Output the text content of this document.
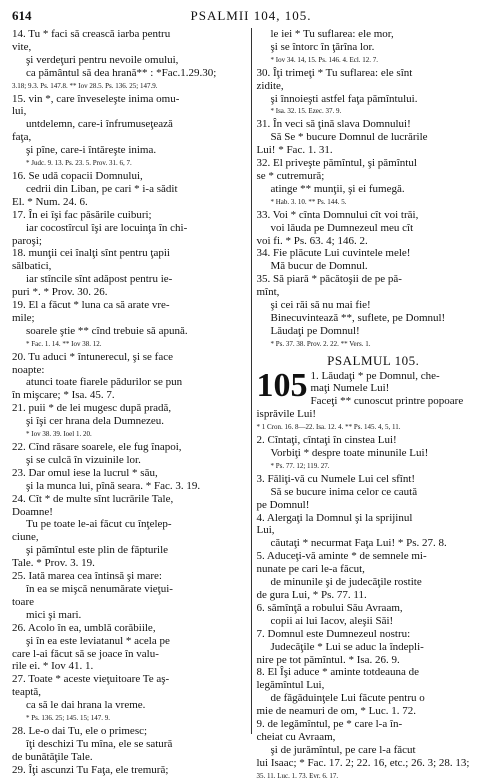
614	PSALMII 104, 105.
14. Tu * faci să crească iarba pentru
vite,
şi verdeţuri pentru nevoile omului,
ca pământul să dea hrană** : *Fac.1.29.30;
3.18; 9.3. Ps. 147.8. ** Iov 28.5. Ps. 136. 25; 147.9.
15. vin *, care înveseleşte inima omu-
lui,
untdelemn, care-i înfrumuseţează
faţa,
şi pîne, care-i întăreşte inima.
* Judc. 9. 13. Ps. 23. 5. Prov. 31. 6, 7.
16. Se udă copacii Domnului,
cedrii din Liban, pe cari * i-a sădit
El. * Num. 24. 6.
17. În ei îşi fac păsările cuiburi;
iar cocostîrcul îşi are locuinţa în chi-
paroşi;
18. munţii cei înalţi sînt pentru ţapii
sălbatici,
iar stîncile sînt adăpost pentru ie-
puri *. * Prov. 30. 26.
19. El a făcut * luna ca să arate vre-
mile;
soarele ştie ** cînd trebuie să apună.
* Fac. 1. 14. ** Iov 38. 12.
20. Tu aduci * întunerecul, şi se face
noapte:
atunci toate fiarele pădurilor se pun
în mişcare; * Isa. 45. 7.
21. puii * de lei mugesc după pradă,
şi îşi cer hrana dela Dumnezeu.
* Iov 38. 39. Ioel 1. 20.
22. Cînd răsare soarele, ele fug înapoi,
şi se culcă în vizuinile lor.
23. Dar omul iese la lucrul * său,
şi la munca lui, pînă seara. * Fac. 3. 19.
24. Cît * de multe sînt lucrările Tale,
Doamne!
Tu pe toate le-ai făcut cu înţelep-
ciune,
şi pămîntul este plin de făpturile
Tale. * Prov. 3. 19.
25. Iată marea cea întinsă şi mare:
în ea se mişcă nenumărate vieţui-
toare
mici şi mari.
26. Acolo în ea, umblă corăbiile,
şi în ea este leviatanul * acela pe
care l-ai făcut să se joace în valu-
rile ei. * Iov 41. 1.
27. Toate * aceste vieţuitoare Te aş-
teaptă,
ca să le dai hrana la vreme.
* Ps. 136. 25; 145. 15; 147. 9.
28. Le-o dai Tu, ele o primesc;
îţi deschizi Tu mîna, ele se satură
de bunătăţile Tale.
29. Îţi ascunzi Tu Faţa, ele tremură;
le iei * Tu suflarea: ele mor,
şi se întorc în ţărîna lor.
* Iov 34. 14, 15. Ps. 146. 4. Ecl. 12. 7.
30. Îţi trimeţi * Tu suflarea: ele sînt
zidite,
şi înnoieşti astfel faţa pămîntului.
* Isa. 32. 15. Ezec. 37. 9.
31. În veci să ţină slava Domnului!
Să Se * bucure Domnul de lucrările
Lui! * Fac. 1. 31.
32. El priveşte pămîntul, şi pămîntul
se * cutremură;
atinge ** munţii, şi ei fumegă.
* Hab. 3. 10. ** Ps. 144. 5.
33. Voi * cînta Domnului cît voi trăi,
voi lăuda pe Dumnezeul meu cît
voi fi. * Ps. 63. 4; 146. 2.
34. Fie plăcute Lui cuvintele mele!
Mă bucur de Domnul.
35. Să piară * păcătoşii de pe pă-
mînt,
şi cei răi să nu mai fie!
Binecuvintează **, suflete, pe Domnul!
Lăudaţi pe Domnul!
* Ps. 37. 38. Prov. 2. 22. ** Vers. 1.
PSALMUL 105.
105 1. Lăudaţi * pe Domnul, che-
maţi Numele Lui!
Faceţi ** cunoscut printre popoare
isprăvile Lui!
* 1 Cron. 16. 8—22. Isa. 12. 4. ** Ps. 145. 4, 5, 11.
2. Cîntaţi, cîntaţi în cinstea Lui!
Vorbiţi * despre toate minunile Lui!
* Ps. 77. 12; 119. 27.
3. Făliţi-vă cu Numele Lui cel sfînt!
Să se bucure inima celor ce caută
pe Domnul!
4. Alergaţi la Domnul şi la sprijinul
Lui,
căutaţi * necurmat Faţa Lui! * Ps. 27. 8.
5. Aduceţi-vă aminte * de semnele mi-
nunate pe cari le-a făcut,
de minunile şi de judecăţile rostite
de gura Lui, * Ps. 77. 11.
6. sămînţă a robului Său Avraam,
copii ai lui Iacov, aleşii Săi!
7. Domnul este Dumnezeul nostru:
Judecăţile * Lui se aduc la îndepli-
nire pe tot pămîntul. * Isa. 26. 9.
8. El Îşi aduce * aminte totdeauna de
legămîntul Lui,
de făgăduinţele Lui făcute pentru o
mie de neamuri de om, * Luc. 1. 72.
9. de legămîntul, pe * care l-a în-
cheiat cu Avraam,
şi de jurămîntul, pe care l-a făcut
lui Isaac; * Fac. 17. 2; 22. 16, etc.; 26. 3; 28. 13;
35. 11. Luc. 1. 73. Evr. 6. 17.
